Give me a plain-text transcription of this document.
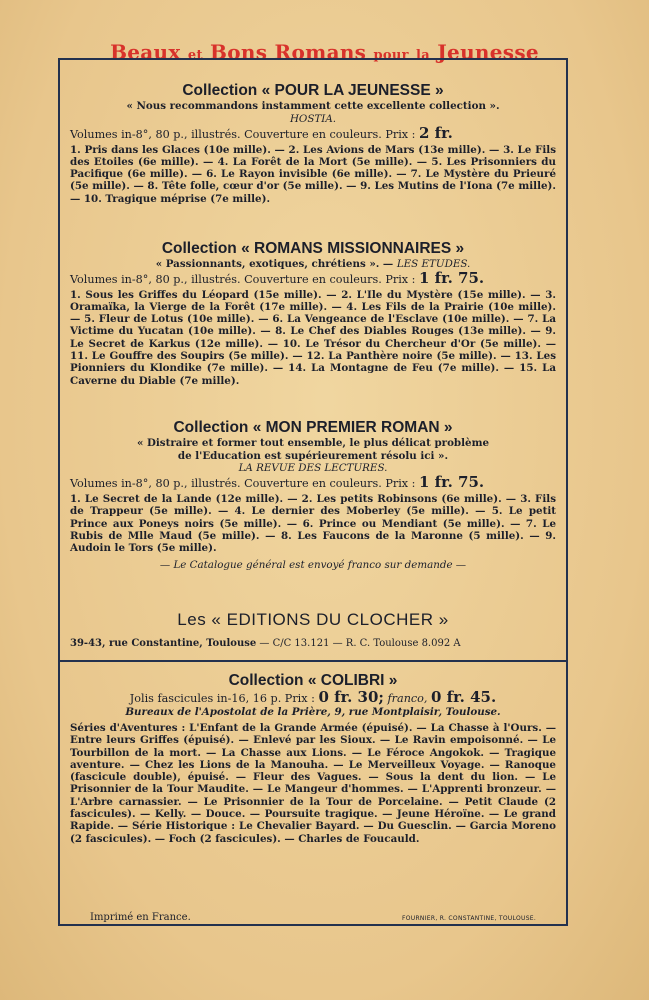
Beaux et Bons Romans pour la Jeunesse
Collection « POUR LA JEUNESSE »
« Nous recommandons instamment cette excellente collection ».
HOSTIA.
Volumes in-8°, 80 p., illustrés. Couverture en couleurs. Prix : 2 fr.
1. Pris dans les Glaces (10e mille). — 2. Les Avions de Mars (13e mille). — 3. Le Fils des Etoiles (6e mille). — 4. La Forêt de la Mort (5e mille). — 5. Les Prisonniers du Pacifique (6e mille). — 6. Le Rayon invisible (6e mille). — 7. Le Mystère du Prieuré (5e mille). — 8. Tête folle, cœur d'or (5e mille). — 9. Les Mutins de l'Iona (7e mille). — 10. Tragique méprise (7e mille).
Collection « ROMANS MISSIONNAIRES »
« Passionnants, exotiques, chrétiens ». — LES ETUDES.
Volumes in-8°, 80 p., illustrés. Couverture en couleurs. Prix : 1 fr. 75.
1. Sous les Griffes du Léopard (15e mille). — 2. L'Ile du Mystère (15e mille). — 3. Oramaïka, la Vierge de la Forêt (17e mille). — 4. Les Fils de la Prairie (10e mille). — 5. Fleur de Lotus (10e mille). — 6. La Vengeance de l'Esclave (10e mille). — 7. La Victime du Yucatan (10e mille). — 8. Le Chef des Diables Rouges (13e mille). — 9. Le Secret de Karkus (12e mille). — 10. Le Trésor du Chercheur d'Or (5e mille). — 11. Le Gouffre des Soupirs (5e mille). — 12. La Panthère noire (5e mille). — 13. Les Pionniers du Klondike (7e mille). — 14. La Montagne de Feu (7e mille). — 15. La Caverne du Diable (7e mille).
Collection « MON PREMIER ROMAN »
« Distraire et former tout ensemble, le plus délicat problème
de l'Education est supérieurement résolu ici ».
LA REVUE DES LECTURES.
Volumes in-8°, 80 p., illustrés. Couverture en couleurs. Prix : 1 fr. 75.
1. Le Secret de la Lande (12e mille). — 2. Les petits Robinsons (6e mille). — 3. Fils de Trappeur (5e mille). — 4. Le dernier des Moberley (5e mille). — 5. Le petit Prince aux Poneys noirs (5e mille). — 6. Prince ou Mendiant (5e mille). — 7. Le Rubis de Mlle Maud (5e mille). — 8. Les Faucons de la Maronne (5 mille). — 9. Audoin le Tors (5e mille).
— Le Catalogue général est envoyé franco sur demande —
Les « EDITIONS DU CLOCHER »
39-43, rue Constantine, Toulouse — C/C 13.121 — R. C. Toulouse 8.092 A
Collection « COLIBRI »
Jolis fascicules in-16, 16 p. Prix : 0 fr. 30; franco, 0 fr. 45.
Bureaux de l'Apostolat de la Prière, 9, rue Montplaisir, Toulouse.
Séries d'Aventures : L'Enfant de la Grande Armée (épuisé). — La Chasse à l'Ours. — Entre leurs Griffes (épuisé). — Enlevé par les Sioux. — Le Ravin empoisonné. — Le Tourbillon de la mort. — La Chasse aux Lions. — Le Féroce Angokok. — Tragique aventure. — Chez les Lions de la Manouha. — Le Merveilleux Voyage. — Ranoque (fascicule double), épuisé. — Fleur des Vagues. — Sous la dent du lion. — Le Prisonnier de la Tour Maudite. — Le Mangeur d'hommes. — L'Apprenti bronzeur. — L'Arbre carnassier. — Le Prisonnier de la Tour de Porcelaine. — Petit Claude (2 fascicules). — Kelly. — Douce. — Poursuite tragique. — Jeune Héroïne. — Le grand Rapide. — Série Historique : Le Chevalier Bayard. — Du Guesclin. — Garcia Moreno (2 fascicules). — Foch (2 fascicules). — Charles de Foucauld.
Imprimé en France.	FOURNIER, R. CONSTANTINE, TOULOUSE.
